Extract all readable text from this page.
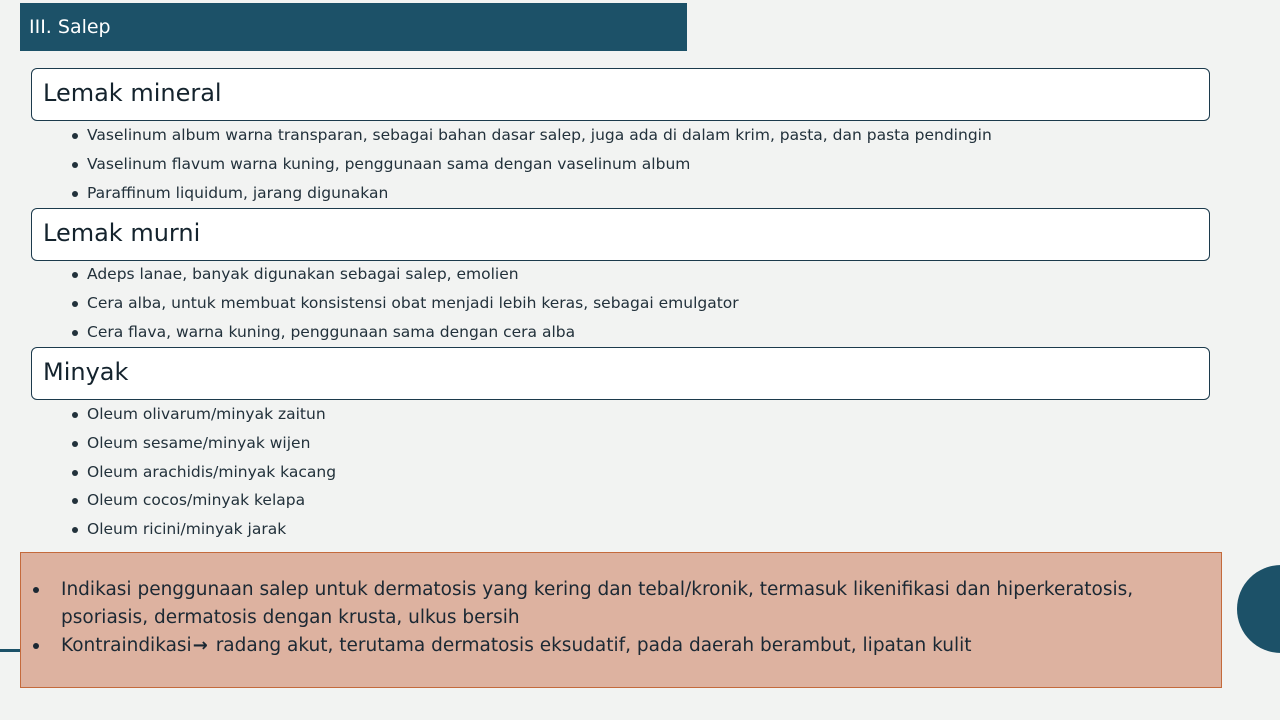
III. Salep
Lemak mineral
Vaselinum album warna transparan, sebagai bahan dasar salep, juga ada di dalam krim, pasta, dan pasta pendingin
Vaselinum flavum warna kuning, penggunaan sama dengan vaselinum album
Paraffinum liquidum, jarang digunakan
Lemak murni
Adeps lanae, banyak digunakan sebagai salep, emolien
Cera alba, untuk membuat konsistensi obat menjadi lebih keras, sebagai emulgator
Cera flava, warna kuning, penggunaan sama dengan cera alba
Minyak
Oleum olivarum/minyak zaitun
Oleum sesame/minyak wijen
Oleum arachidis/minyak kacang
Oleum cocos/minyak kelapa
Oleum ricini/minyak jarak
Indikasi penggunaan salep untuk dermatosis yang kering dan tebal/kronik, termasuk likenifikasi dan hiperkeratosis, psoriasis, dermatosis dengan krusta, ulkus bersih
Kontraindikasi→ radang akut, terutama dermatosis eksudatif, pada daerah berambut, lipatan kulit
